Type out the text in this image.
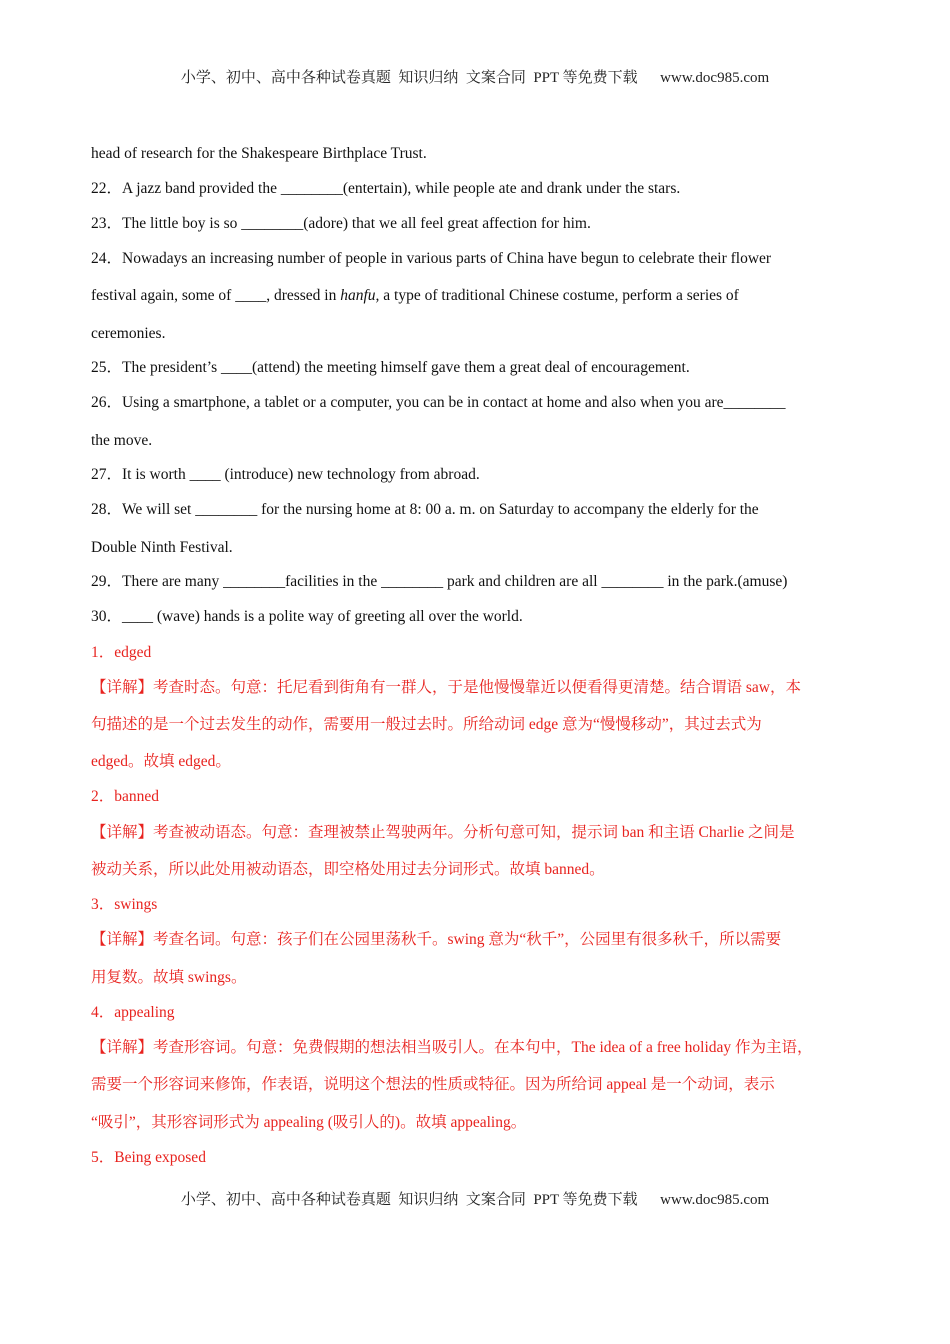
小学、初中、高中各种试卷真题  知识归纳  文案合同  PPT 等免费下载      www.doc985.com
head of research for the Shakespeare Birthplace Trust.
22．A jazz band provided the ________(entertain), while people ate and drank under the stars.
23．The little boy is so ________(adore) that we all feel great affection for him.
24．Nowadays an increasing number of people in various parts of China have begun to celebrate their flower
festival again, some of ____, dressed in hanfu, a type of traditional Chinese costume, perform a series of
ceremonies.
25．The president’s ____(attend) the meeting himself gave them a great deal of encouragement.
26．Using a smartphone, a tablet or a computer, you can be in contact at home and also when you are________
the move.
27．It is worth ____ (introduce) new technology from abroad.
28．We will set ________ for the nursing home at 8: 00 a. m. on Saturday to accompany the elderly for the
Double Ninth Festival.
29．There are many ________facilities in the ________ park and children are all ________ in the park.(amuse)
30．____ (wave) hands is a polite way of greeting all over the world.
1．edged
【详解】考查时态。句意：托尼看到街角有一群人，于是他慢慢靠近以便看得更清楚。结合谓语 saw，本
句描述的是一个过去发生的动作，需要用一般过去时。所给动词 edge 意为“慢慢移动”，其过去式为
edged。故填 edged。
2．banned
【详解】考查被动语态。句意：查理被禁止驾驶两年。分析句意可知，提示词 ban 和主语 Charlie 之间是
被动关系，所以此处用被动语态，即空格处用过去分词形式。故填 banned。
3．swings
【详解】考查名词。句意：孩子们在公园里荡秋千。swing 意为“秋千”，公园里有很多秋千，所以需要
用复数。故填 swings。
4．appealing
【详解】考查形容词。句意：免费假期的想法相当吸引人。在本句中，The idea of a free holiday 作为主语，
需要一个形容词来修饰，作表语，说明这个想法的性质或特征。因为所给词 appeal 是一个动词，表示
“吸引”，其形容词形式为 appealing (吸引人的)。故填 appealing。
5．Being exposed
小学、初中、高中各种试卷真题  知识归纳  文案合同  PPT 等免费下载      www.doc985.com
